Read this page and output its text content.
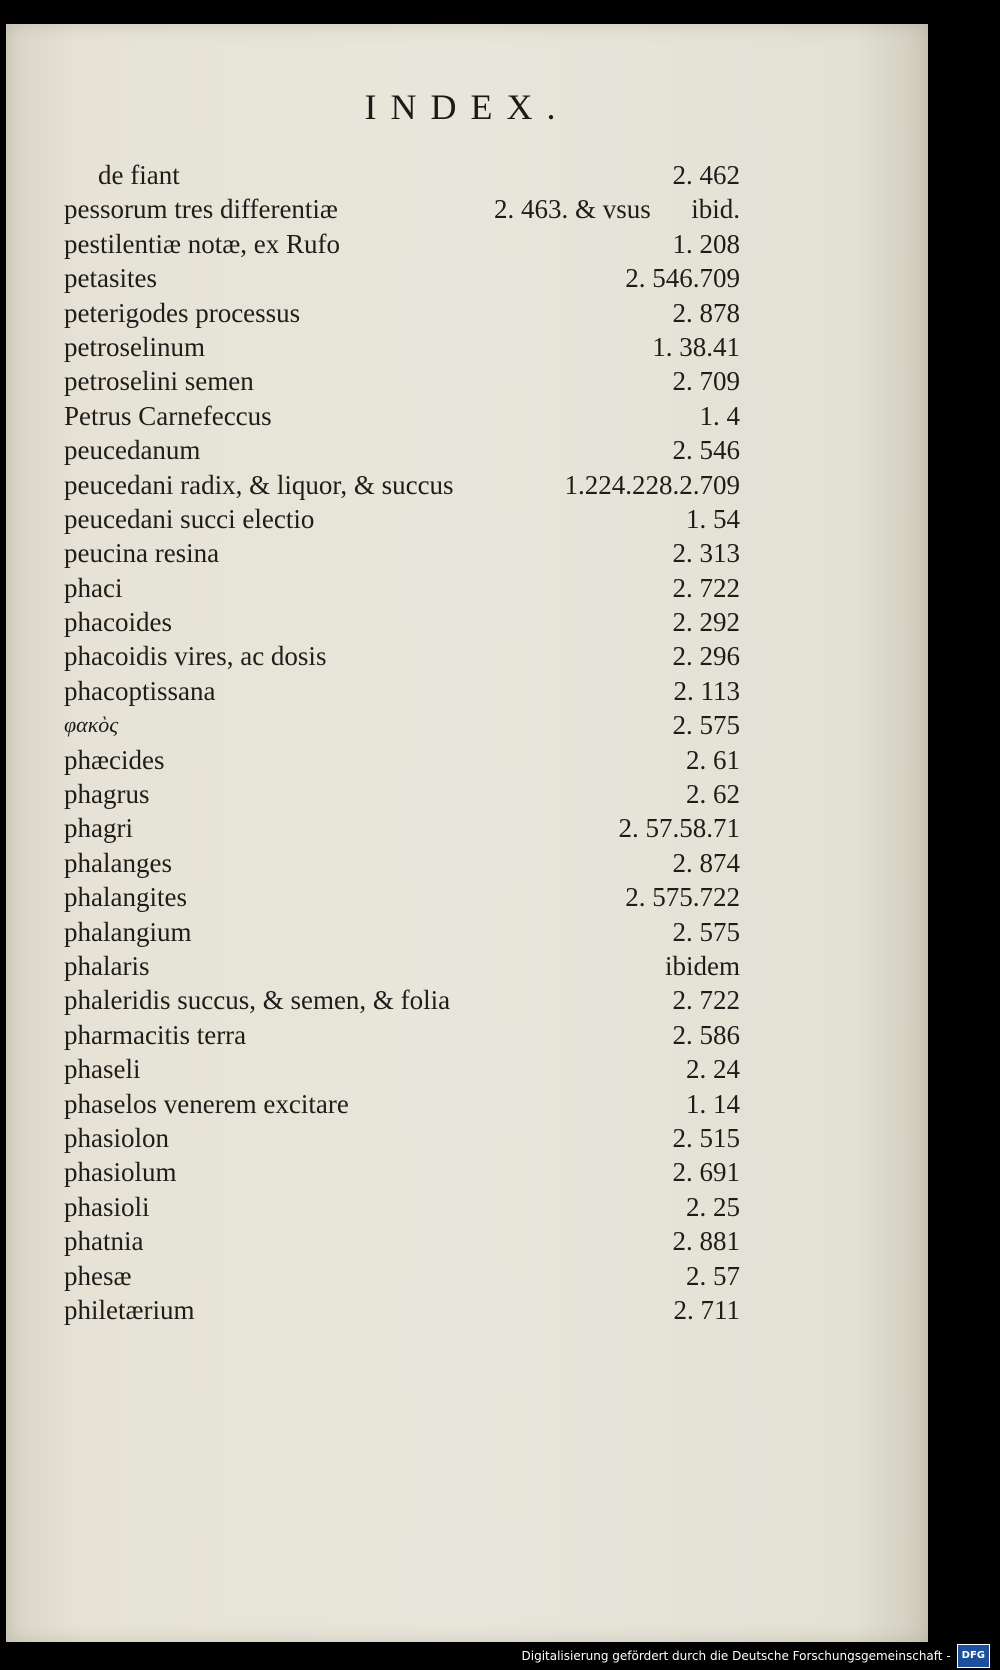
INDEX.
de fiant	2. 462
pessorum tres differentiæ	2. 463. & vsus ibid.
pestilentiæ notæ, ex Rufo	1. 208
petasites	2. 546.709
peterigodes processus	2. 878
petroselinum	1. 38.41
petroselini semen	2. 709
Petrus Carnefeccus	1. 4
peucedanum	2. 546
peucedani radix, & liquor, & succus	1.224.228.2.709
peucedani succi electio	1. 54
peucina resina	2. 313
phaci	2. 722
phacoides	2. 292
phacoidis vires, ac dosis	2. 296
phacoptissana	2. 113
φακὸς	2. 575
phæcides	2. 61
phagrus	2. 62
phagri	2. 57.58.71
phalanges	2. 874
phalangites	2. 575.722
phalangium	2. 575
phalaris	ibidem
phaleridis succus, & semen, & folia	2. 722
pharmacitis terra	2. 586
phaseli	2. 24
phaselos venerem excitare	1. 14
phasiolon	2. 515
phasiolum	2. 691
phasioli	2. 25
phatnia	2. 881
phesæ	2. 57
philetærium	2. 711
Digitalisierung gefördert durch die Deutsche Forschungsgemeinschaft -	DFG
